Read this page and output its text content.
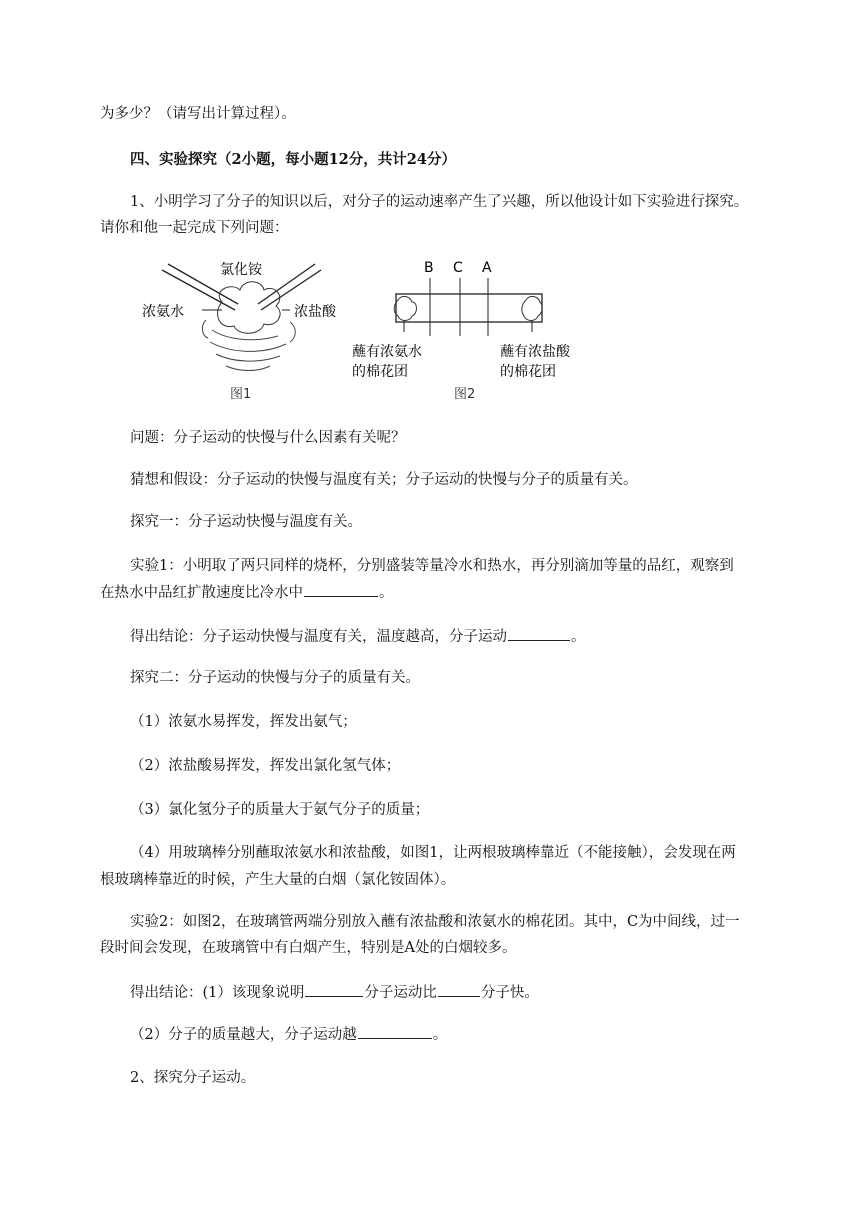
为多少？（请写出计算过程）。
四、实验探究（2小题，每小题12分，共计24分）
1、小明学习了分子的知识以后，对分子的运动速率产生了兴趣，所以他设计如下实验进行探究。
请你和他一起完成下列问题：
氯化铵
浓氨水	浓盐酸
图1
B C A
蘸有浓氨水
的棉花团
蘸有浓盐酸
的棉花团
图2
问题：分子运动的快慢与什么因素有关呢？
猜想和假设：分子运动的快慢与温度有关；分子运动的快慢与分子的质量有关。
探究一：分子运动快慢与温度有关。
实验1：小明取了两只同样的烧杯，分别盛装等量冷水和热水，再分别滴加等量的品红，观察到
在热水中品红扩散速度比冷水中	。
得出结论：分子运动快慢与温度有关，温度越高，分子运动	。
探究二：分子运动的快慢与分子的质量有关。
（1）浓氨水易挥发，挥发出氨气；
（2）浓盐酸易挥发，挥发出氯化氢气体；
（3）氯化氢分子的质量大于氨气分子的质量；
（4）用玻璃棒分别蘸取浓氨水和浓盐酸，如图1，让两根玻璃棒靠近（不能接触），会发现在两
根玻璃棒靠近的时候，产生大量的白烟（氯化铵固体）。
实验2：如图2，在玻璃管两端分别放入蘸有浓盐酸和浓氨水的棉花团。其中，C为中间线，过一
段时间会发现，在玻璃管中有白烟产生，特别是A处的白烟较多。
得出结论：(1）该现象说明	分子运动比	分子快。
（2）分子的质量越大，分子运动越	。
2、探究分子运动。
